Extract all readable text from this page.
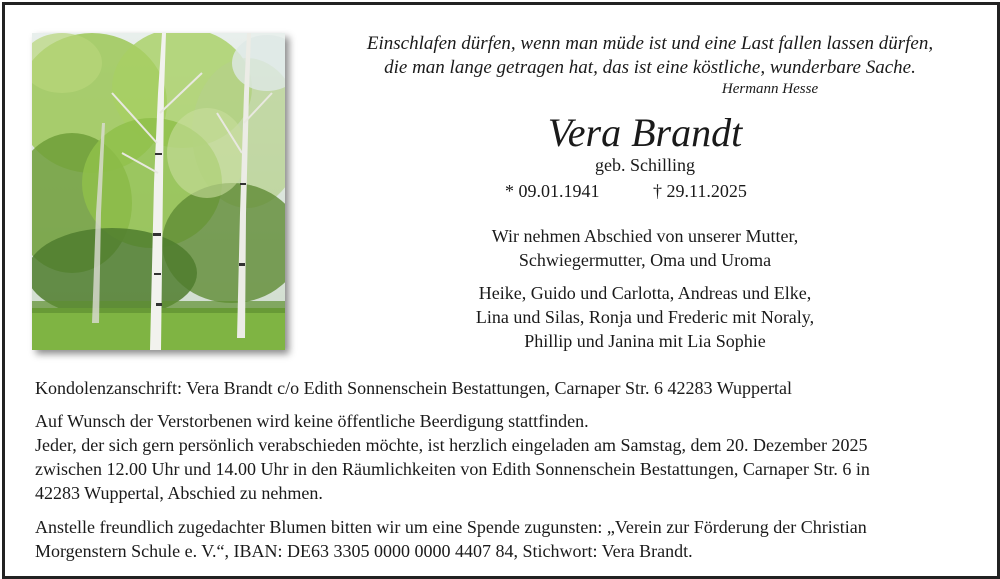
Einschlafen dürfen, wenn man müde ist und eine Last fallen lassen dürfen,
die man lange getragen hat, das ist eine köstliche, wunderbare Sache.
Hermann Hesse
Vera Brandt
geb. Schilling
* 09.01.1941	† 29.11.2025
Wir nehmen Abschied von unserer Mutter,
Schwiegermutter, Oma und Uroma
Heike, Guido und Carlotta, Andreas und Elke,
Lina und Silas, Ronja und Frederic mit Noraly,
Phillip und Janina mit Lia Sophie
Kondolenzanschrift: Vera Brandt c/o Edith Sonnenschein Bestattungen, Carnaper Str. 6 42283 Wuppertal
Auf Wunsch der Verstorbenen wird keine öffentliche Beerdigung stattfinden.
Jeder, der sich gern persönlich verabschieden möchte, ist herzlich eingeladen am Samstag, dem 20. Dezember 2025
zwischen 12.00 Uhr und 14.00 Uhr in den Räumlichkeiten von Edith Sonnenschein Bestattungen, Carnaper Str. 6 in
42283 Wuppertal, Abschied zu nehmen.
Anstelle freundlich zugedachter Blumen bitten wir um eine Spende zugunsten: „Verein zur Förderung der Christian
Morgenstern Schule e. V.“, IBAN: DE63 3305 0000 0000 4407 84, Stichwort: Vera Brandt.
